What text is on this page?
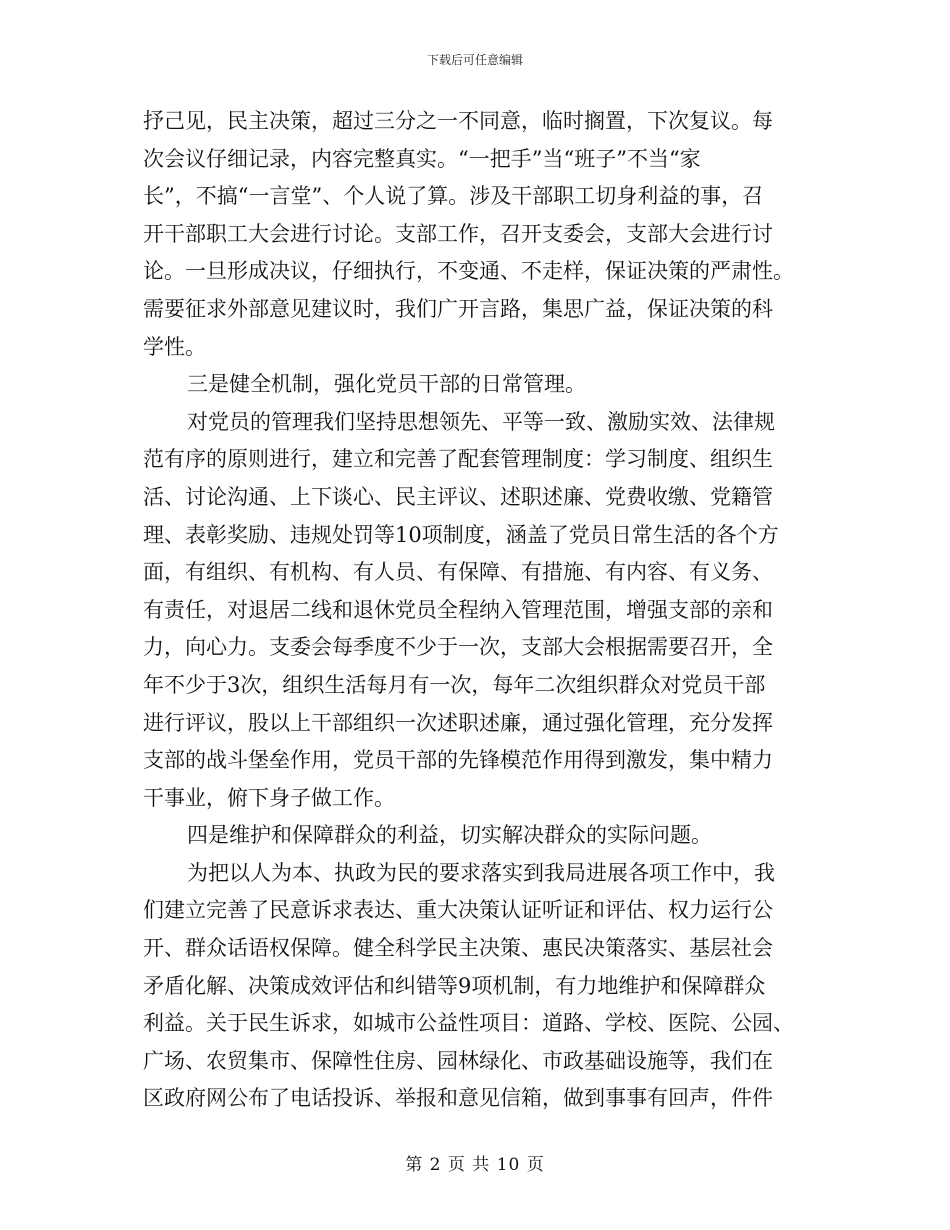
下载后可任意编辑

抒己见，民主决策，超过三分之一不同意，临时搁置，下次复议。每
次会议仔细记录，内容完整真实。“一把手”当“班子”不当“家
长”，不搞“一言堂”、个人说了算。涉及干部职工切身利益的事，召
开干部职工大会进行讨论。支部工作，召开支委会，支部大会进行讨
论。一旦形成决议，仔细执行，不变通、不走样，保证决策的严肃性。
需要征求外部意见建议时，我们广开言路，集思广益，保证决策的科
学性。

三是健全机制，强化党员干部的日常管理。

对党员的管理我们坚持思想领先、平等一致、激励实效、法律规
范有序的原则进行，建立和完善了配套管理制度：学习制度、组织生
活、讨论沟通、上下谈心、民主评议、述职述廉、党费收缴、党籍管
理、表彰奖励、违规处罚等10项制度，涵盖了党员日常生活的各个方
面，有组织、有机构、有人员、有保障、有措施、有内容、有义务、
有责任，对退居二线和退休党员全程纳入管理范围，增强支部的亲和
力，向心力。支委会每季度不少于一次，支部大会根据需要召开，全
年不少于3次，组织生活每月有一次，每年二次组织群众对党员干部
进行评议，股以上干部组织一次述职述廉，通过强化管理，充分发挥
支部的战斗堡垒作用，党员干部的先锋模范作用得到激发，集中精力
干事业，俯下身子做工作。

四是维护和保障群众的利益，切实解决群众的实际问题。

为把以人为本、执政为民的要求落实到我局进展各项工作中，我
们建立完善了民意诉求表达、重大决策认证听证和评估、权力运行公
开、群众话语权保障。健全科学民主决策、惠民决策落实、基层社会
矛盾化解、决策成效评估和纠错等9项机制，有力地维护和保障群众
利益。关于民生诉求，如城市公益性项目：道路、学校、医院、公园、
广场、农贸集市、保障性住房、园林绿化、市政基础设施等，我们在
区政府网公布了电话投诉、举报和意见信箱，做到事事有回声，件件

第 2 页 共 10 页
